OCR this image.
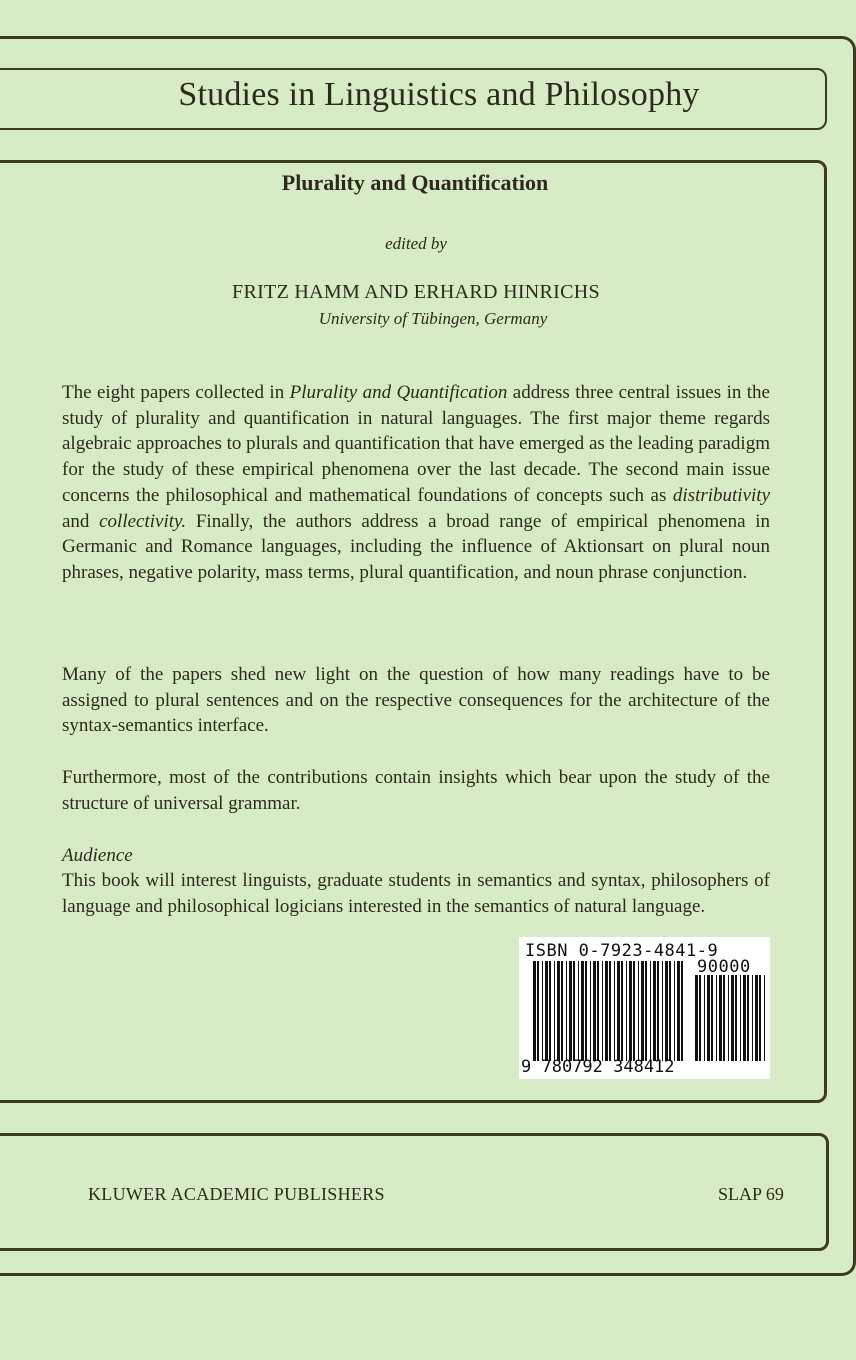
Studies in Linguistics and Philosophy
Plurality and Quantification
edited by
FRITZ HAMM AND ERHARD HINRICHS
University of Tübingen, Germany

The eight papers collected in Plurality and Quantification address three central issues in the study of plurality and quantification in natural languages. The first major theme regards algebraic approaches to plurals and quantification that have emerged as the leading paradigm for the study of these empirical phenomena over the last decade. The second main issue concerns the philosophical and mathematical foundations of concepts such as distributivity and collectivity. Finally, the authors address a broad range of empirical phenomena in Germanic and Romance languages, including the influence of Aktionsart on plural noun phrases, negative polarity, mass terms, plural quantification, and noun phrase conjunction.

Many of the papers shed new light on the question of how many readings have to be assigned to plural sentences and on the respective consequences for the architecture of the syntax-semantics interface.

Furthermore, most of the contributions contain insights which bear upon the study of the structure of universal grammar.

Audience

This book will interest linguists, graduate students in semantics and syntax, philosophers of language and philosophical logicians interested in the semantics of natural language.

ISBN 0-7923-4841-9
90000
9 780792 348412
KLUWER ACADEMIC PUBLISHERS	SLAP 69
